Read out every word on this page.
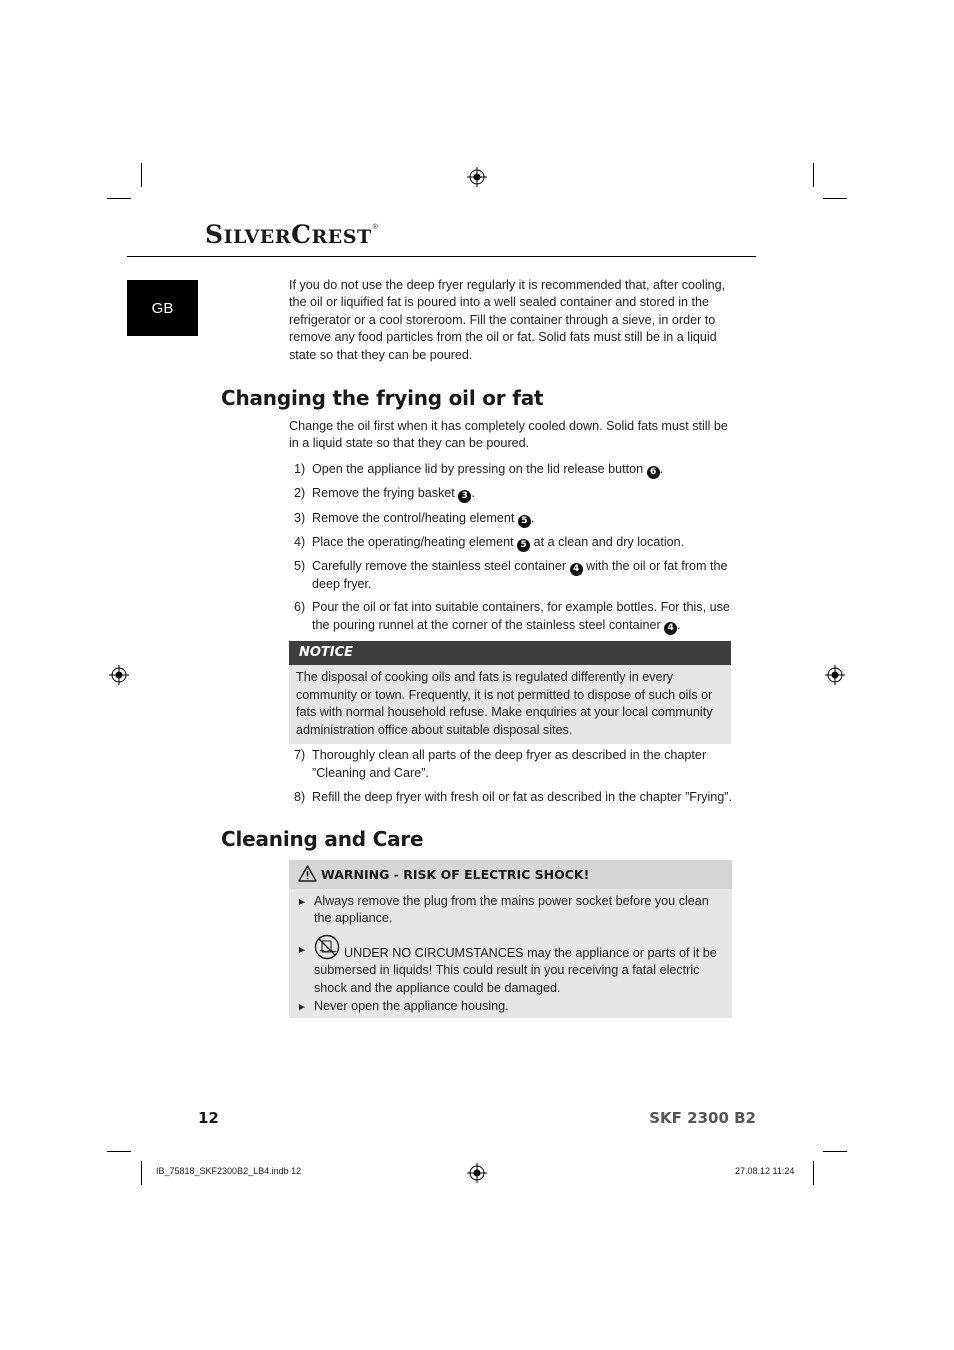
SILVERCREST®
GB
If you do not use the deep fryer regularly it is recommended that, after cooling, the oil or liquified fat is poured into a well sealed container and stored in the refrigerator or a cool storeroom. Fill the container through a sieve, in order to remove any food particles from the oil or fat. Solid fats must still be in a liquid state so that they can be poured.
Changing the frying oil or fat
Change the oil first when it has completely cooled down. Solid fats must still be in a liquid state so that they can be poured.
1) Open the appliance lid by pressing on the lid release button 6 .
2) Remove the frying basket 3 .
3) Remove the control/heating element 5 .
4) Place the operating/heating element 5 at a clean and dry location.
5) Carefully remove the stainless steel container 4 with the oil or fat from the deep fryer.
6) Pour the oil or fat into suitable containers, for example bottles. For this, use the pouring runnel at the corner of the stainless steel container 4 .
NOTICE
The disposal of cooking oils and fats is regulated differently in every community or town. Frequently, it is not permitted to dispose of such oils or fats with normal household refuse. Make enquiries at your local community administration office about suitable disposal sites.
7) Thoroughly clean all parts of the deep fryer as described in the chapter ”Cleaning and Care”.
8) Refill the deep fryer with fresh oil or fat as described in the chapter ”Frying”.
Cleaning and Care
WARNING - RISK OF ELECTRIC SHOCK!
► Always remove the plug from the mains power socket before you clean the appliance.
►	UNDER NO CIRCUMSTANCES may the appliance or parts of it be submersed in liquids! This could result in you receiving a fatal electric shock and the appliance could be damaged.
► Never open the appliance housing.
12	SKF 2300 B2
IB_75818_SKF2300B2_LB4.indb 12	27.08.12 11:24
